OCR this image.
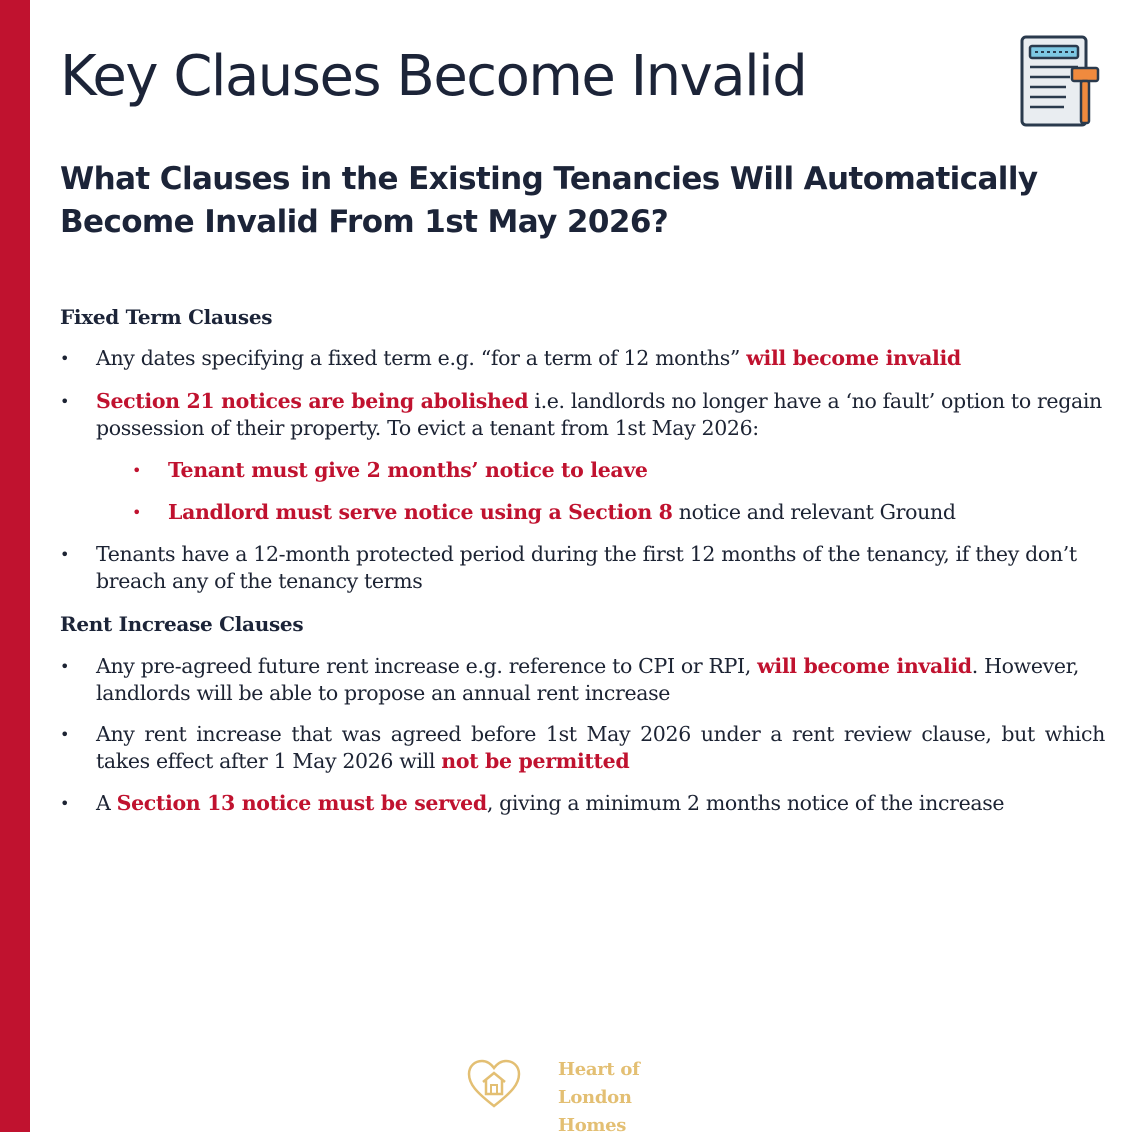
Key Clauses Become Invalid
What Clauses in the Existing Tenancies Will Automatically Become Invalid From 1st May 2026?
Fixed Term Clauses
• Any dates specifying a fixed term e.g. “for a term of 12 months” will become invalid
• Section 21 notices are being abolished i.e. landlords no longer have a ‘no fault’ option to regain possession of their property. To evict a tenant from 1st May 2026:
• Tenant must give 2 months’ notice to leave
• Landlord must serve notice using a Section 8 notice and relevant Ground
• Tenants have a 12-month protected period during the first 12 months of the tenancy, if they don’t breach any of the tenancy terms
Rent Increase Clauses
• Any pre-agreed future rent increase e.g. reference to CPI or RPI, will become invalid. However, landlords will be able to propose an annual rent increase
• Any rent increase that was agreed before 1st May 2026 under a rent review clause, but which takes effect after 1 May 2026 will not be permitted
• A Section 13 notice must be served, giving a minimum 2 months notice of the increase
Heart of
London Homes
